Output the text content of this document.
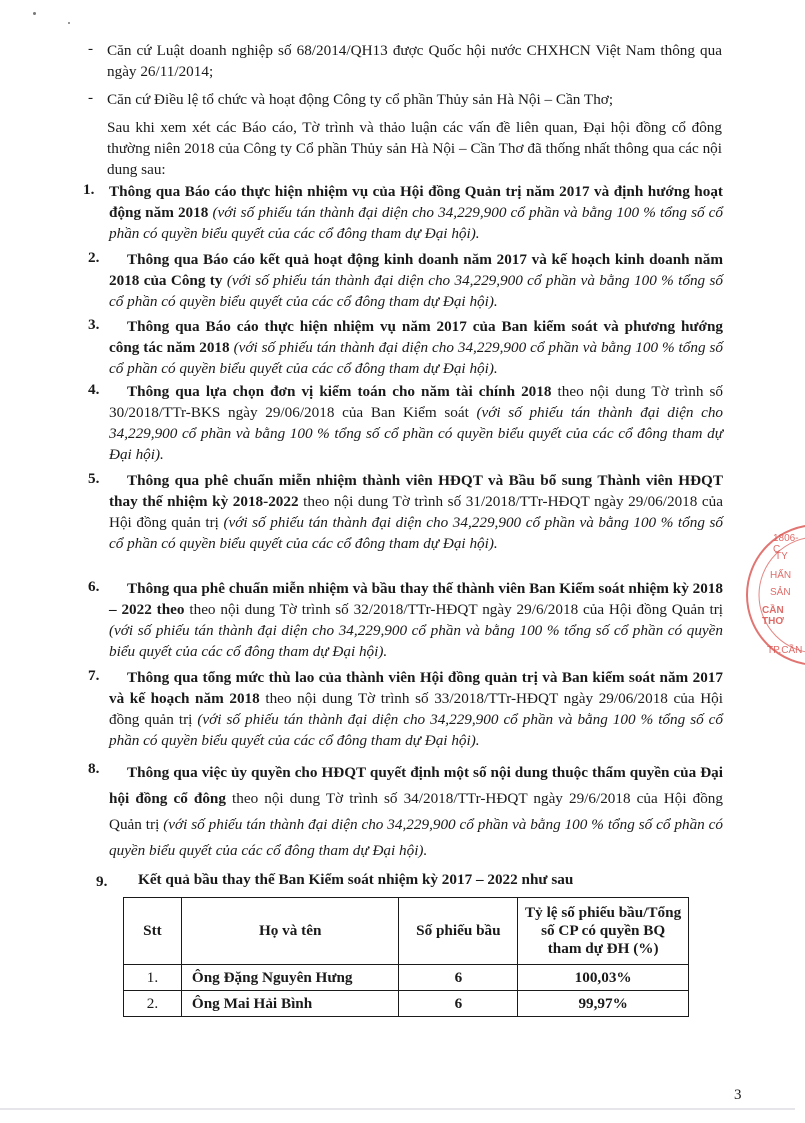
- Căn cứ Luật doanh nghiệp số 68/2014/QH13 được Quốc hội nước CHXHCN Việt Nam thông qua ngày 26/11/2014;
- Căn cứ Điều lệ tổ chức và hoạt động Công ty cổ phần Thủy sản Hà Nội – Cần Thơ;
Sau khi xem xét các Báo cáo, Tờ trình và thảo luận các vấn đề liên quan, Đại hội đồng cổ đông thường niên 2018 của Công ty Cổ phần Thủy sản Hà Nội – Cần Thơ đã thống nhất thông qua các nội dung sau:
1. Thông qua Báo cáo thực hiện nhiệm vụ của Hội đồng Quản trị năm 2017 và định hướng hoạt động năm 2018 (với số phiếu tán thành đại diện cho 34,229,900 cổ phần và bằng 100 % tổng số cổ phần có quyền biểu quyết của các cổ đông tham dự Đại hội).
2.	Thông qua Báo cáo kết quả hoạt động kinh doanh năm 2017 và kế hoạch kinh doanh năm 2018 của Công ty (với số phiếu tán thành đại diện cho 34,229,900 cổ phần và bằng 100 % tổng số cổ phần có quyền biểu quyết của các cổ đông tham dự Đại hội).
3.	Thông qua Báo cáo thực hiện nhiệm vụ năm 2017 của Ban kiểm soát và phương hướng công tác năm 2018 (với số phiếu tán thành đại diện cho 34,229,900 cổ phần và bằng 100 % tổng số cổ phần có quyền biểu quyết của các cổ đông tham dự Đại hội).
4.	Thông qua lựa chọn đơn vị kiểm toán cho năm tài chính 2018 theo nội dung Tờ trình số 30/2018/TTr-BKS ngày 29/06/2018 của Ban Kiểm soát (với số phiếu tán thành đại diện cho 34,229,900 cổ phần và bằng 100 % tổng số cổ phần có quyền biểu quyết của các cổ đông tham dự Đại hội).
5.	Thông qua phê chuẩn miễn nhiệm thành viên HĐQT và Bầu bổ sung Thành viên HĐQT thay thế nhiệm kỳ 2018-2022 theo nội dung Tờ trình số 31/2018/TTr-HĐQT ngày 29/06/2018 của Hội đồng quản trị (với số phiếu tán thành đại diện cho 34,229,900 cổ phần và bằng 100 % tổng số cổ phần có quyền biểu quyết của các cổ đông tham dự Đại hội).
6.	Thông qua phê chuẩn miễn nhiệm và bầu thay thế thành viên Ban Kiểm soát nhiệm kỳ 2018 – 2022 theo theo nội dung Tờ trình số 32/2018/TTr-HĐQT ngày 29/6/2018 của Hội đồng Quản trị (với số phiếu tán thành đại diện cho 34,229,900 cổ phần và bằng 100 % tổng số cổ phần có quyền biểu quyết của các cổ đông tham dự Đại hội).
7.	Thông qua tổng mức thù lao của thành viên Hội đồng quản trị và Ban kiểm soát năm 2017 và kế hoạch năm 2018 theo nội dung Tờ trình số 33/2018/TTr-HĐQT ngày 29/06/2018 của Hội đồng quản trị (với số phiếu tán thành đại diện cho 34,229,900 cổ phần và bằng 100 % tổng số cổ phần có quyền biểu quyết của các cổ đông tham dự Đại hội).
8.	Thông qua việc ủy quyền cho HĐQT quyết định một số nội dung thuộc thẩm quyền của Đại hội đồng cổ đông theo nội dung Tờ trình số 34/2018/TTr-HĐQT ngày 29/6/2018 của Hội đồng Quản trị (với số phiếu tán thành đại diện cho 34,229,900 cổ phần và bằng 100 % tổng số cổ phần có quyền biểu quyết của các cổ đông tham dự Đại hội).
9. Kết quả bầu thay thế Ban Kiểm soát nhiệm kỳ 2017 – 2022 như sau
Stt	Họ và tên	Số phiếu bầu	Tỷ lệ số phiếu bầu/Tổng số CP có quyền BQ tham dự ĐH (%)
1.	Ông Đặng Nguyên Hưng	6	100,03%
2.	Ông Mai Hải Bình	6	99,97%
1806-C
TY
HẤN
SẢN
CẦN THƠ
TP.CẦN
3
